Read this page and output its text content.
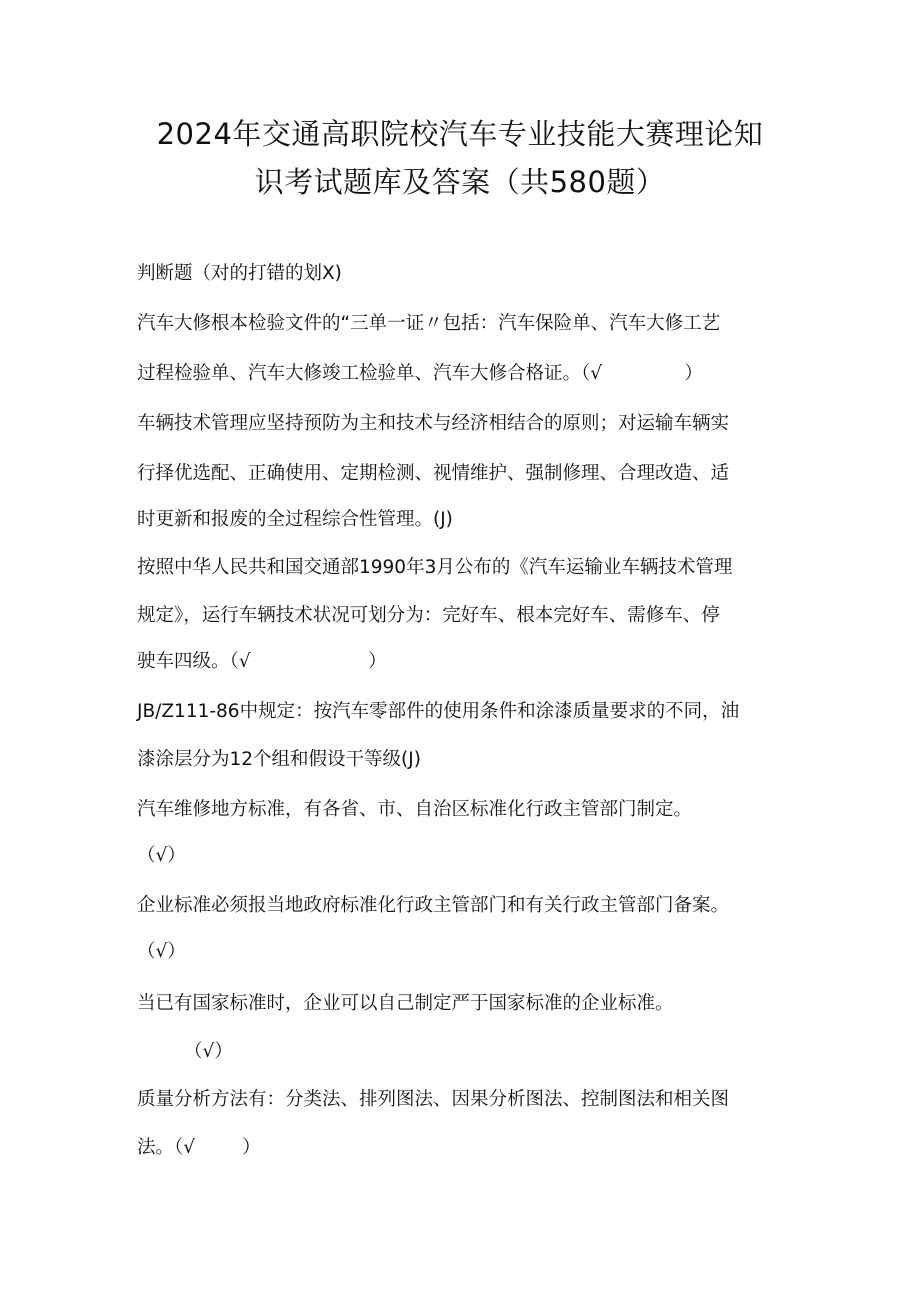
2024年交通高职院校汽车专业技能大赛理论知
识考试题库及答案（共580题）
判断题（对的打错的划X)
汽车大修根本检验文件的“三单一证〃包括：汽车保险单、汽车大修工艺
过程检验单、汽车大修竣工检验单、汽车大修合格证。（√              ）
车辆技术管理应坚持预防为主和技术与经济相结合的原则；对运输车辆实
行择优选配、正确使用、定期检测、视情维护、强制修理、合理改造、适
时更新和报废的全过程综合性管理。(J)
按照中华人民共和国交通部1990年3月公布的《汽车运输业车辆技术管理
规定》，运行车辆技术状况可划分为：完好车、根本完好车、需修车、停
驶车四级。（√                    ）
JB/Z111-86中规定：按汽车零部件的使用条件和涂漆质量要求的不同，油
漆涂层分为12个组和假设干等级(J)
汽车维修地方标准，有各省、市、自治区标准化行政主管部门制定。
（√）
企业标准必须报当地政府标准化行政主管部门和有关行政主管部门备案。
（√）
当已有国家标准时，企业可以自己制定严于国家标准的企业标准。
（√）
质量分析方法有：分类法、排列图法、因果分析图法、控制图法和相关图
法。（√        ）
